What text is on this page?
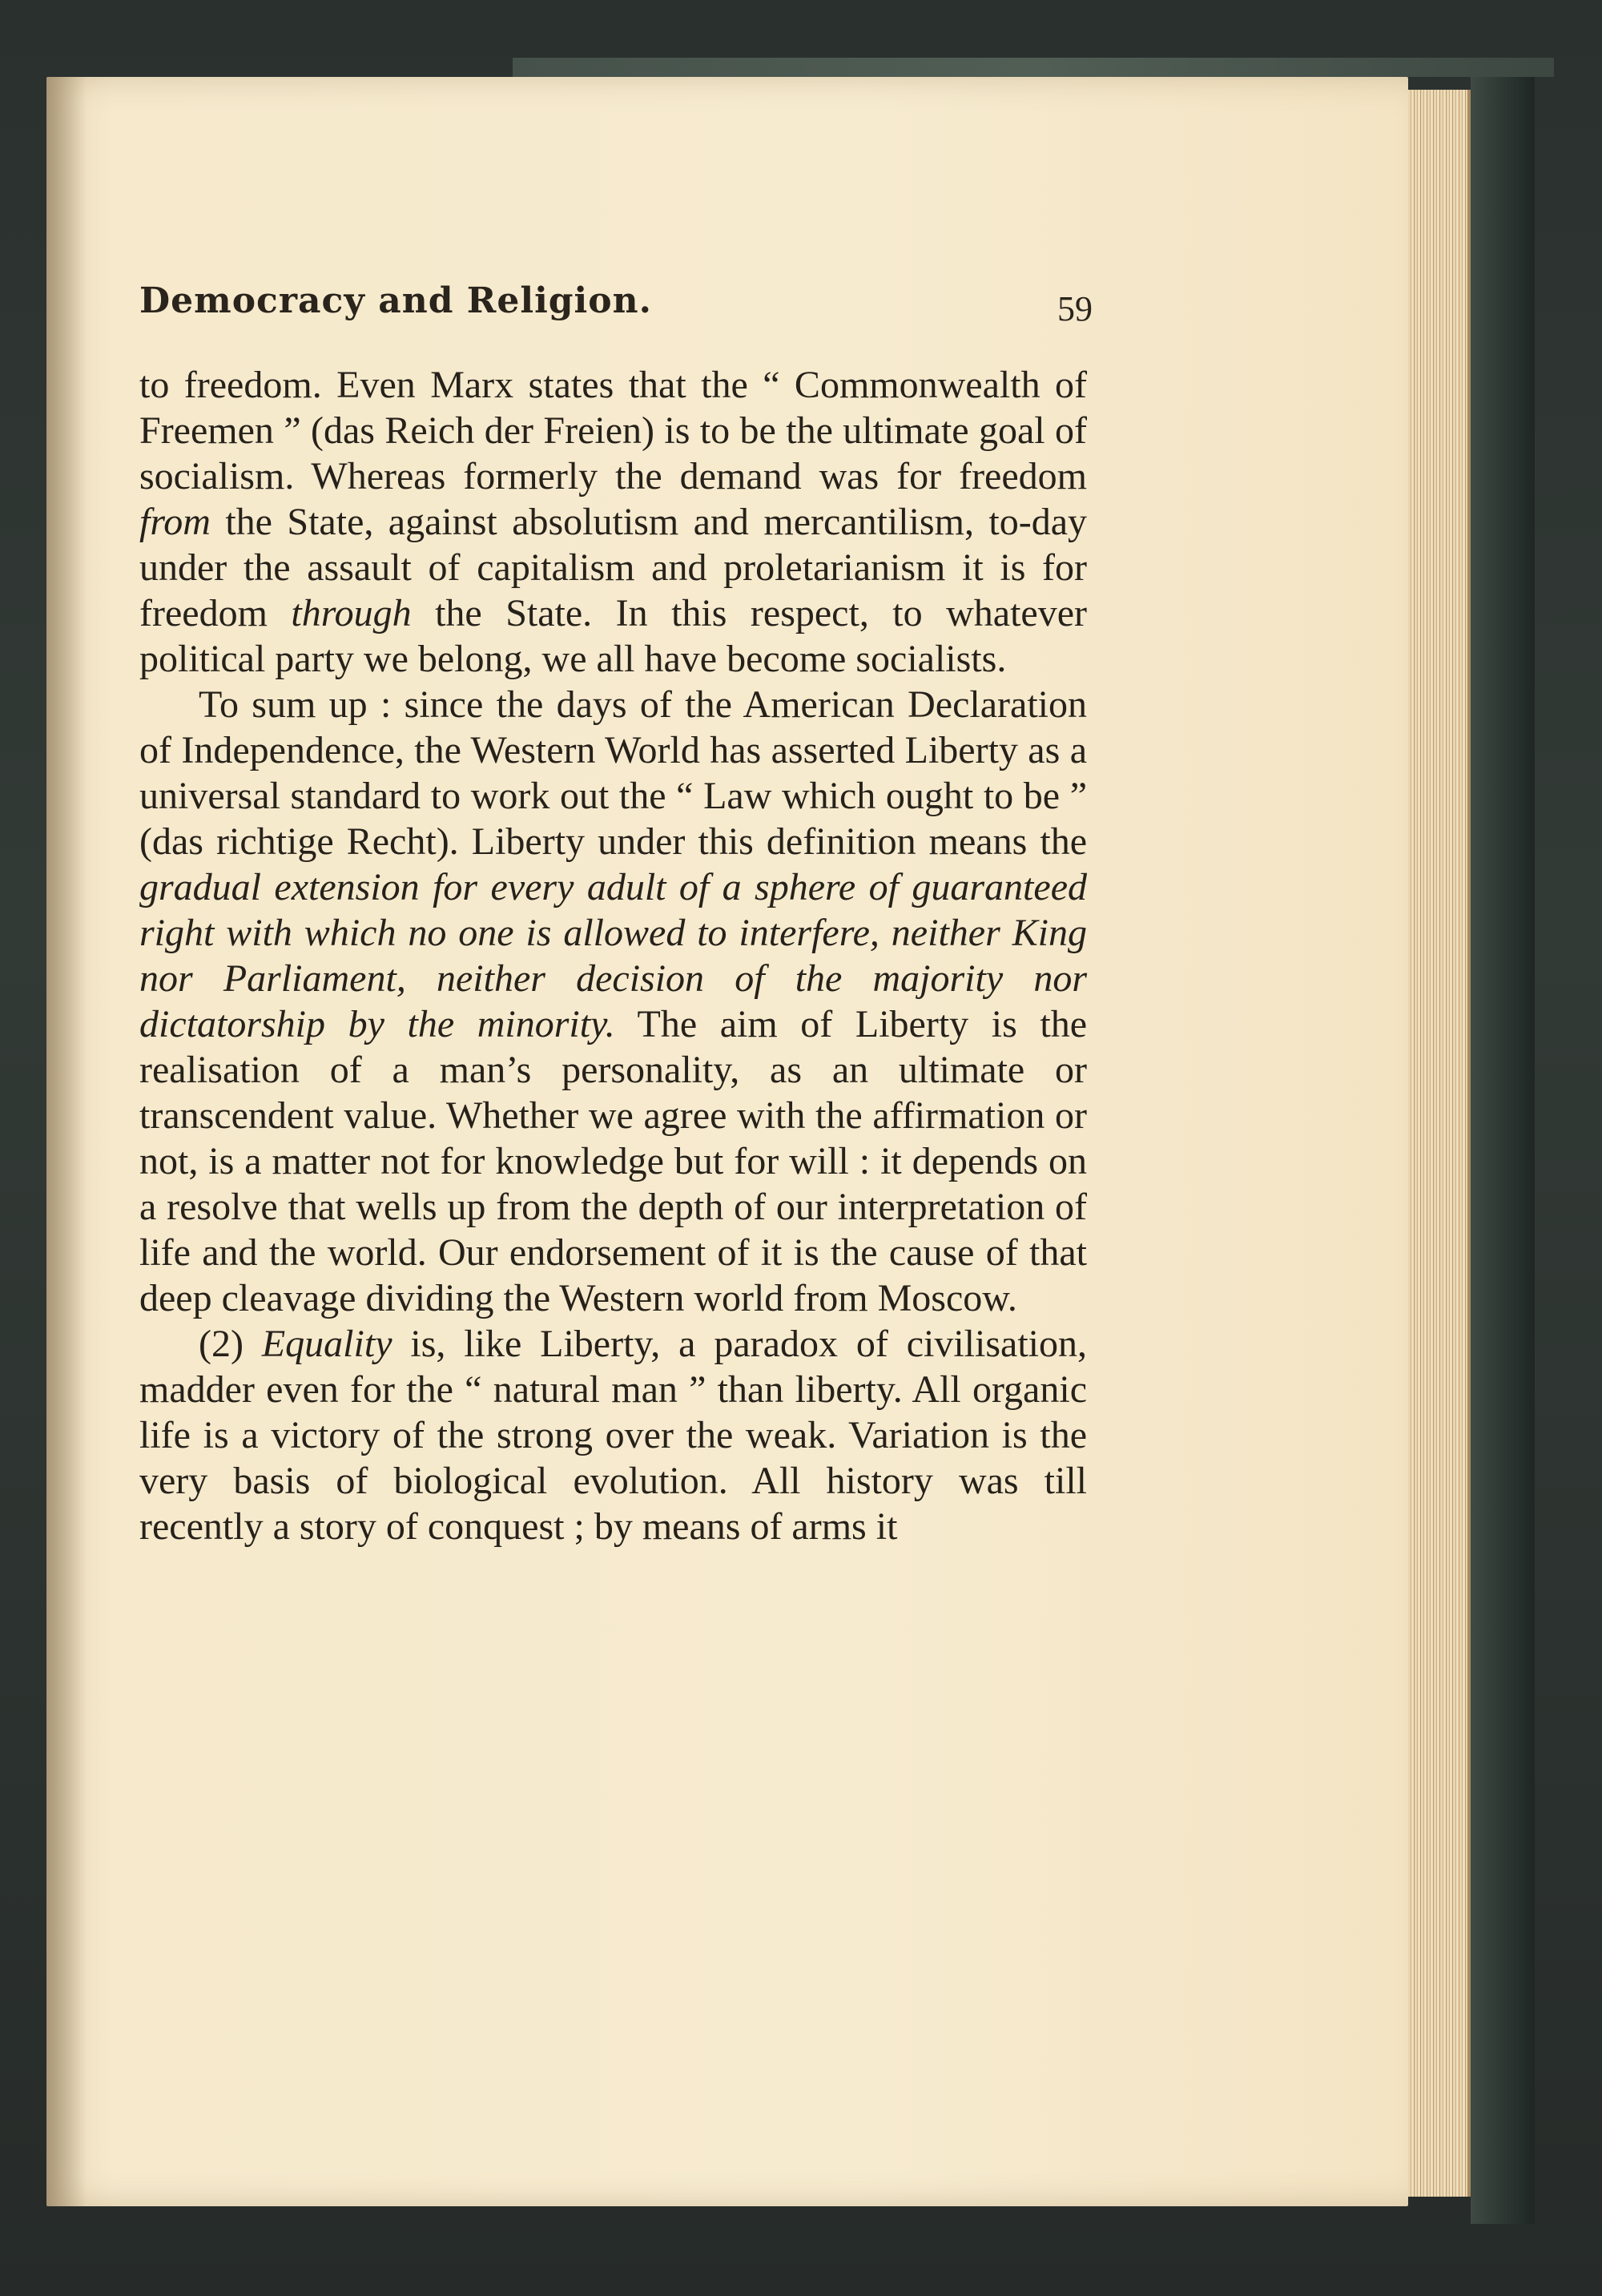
Democracy and Religion.	59

to freedom. Even Marx states that the “ Commonwealth of Freemen ” (das Reich der Freien) is to be the ultimate goal of socialism. Whereas formerly the demand was for freedom from the State, against absolutism and mercantilism, to-day under the assault of capitalism and proletarianism it is for freedom through the State. In this respect, to whatever political party we belong, we all have become socialists.

To sum up : since the days of the American Declaration of Independence, the Western World has asserted Liberty as a universal standard to work out the “ Law which ought to be ” (das richtige Recht). Liberty under this definition means the gradual extension for every adult of a sphere of guaranteed right with which no one is allowed to interfere, neither King nor Parliament, neither decision of the majority nor dictatorship by the minority. The aim of Liberty is the realisation of a man’s personality, as an ultimate or transcendent value. Whether we agree with the affirmation or not, is a matter not for knowledge but for will : it depends on a resolve that wells up from the depth of our interpretation of life and the world. Our endorsement of it is the cause of that deep cleavage dividing the Western world from Moscow.

(2) Equality is, like Liberty, a paradox of civilisation, madder even for the “ natural man ” than liberty. All organic life is a victory of the strong over the weak. Variation is the very basis of biological evolution. All history was till recently a story of conquest ; by means of arms it
